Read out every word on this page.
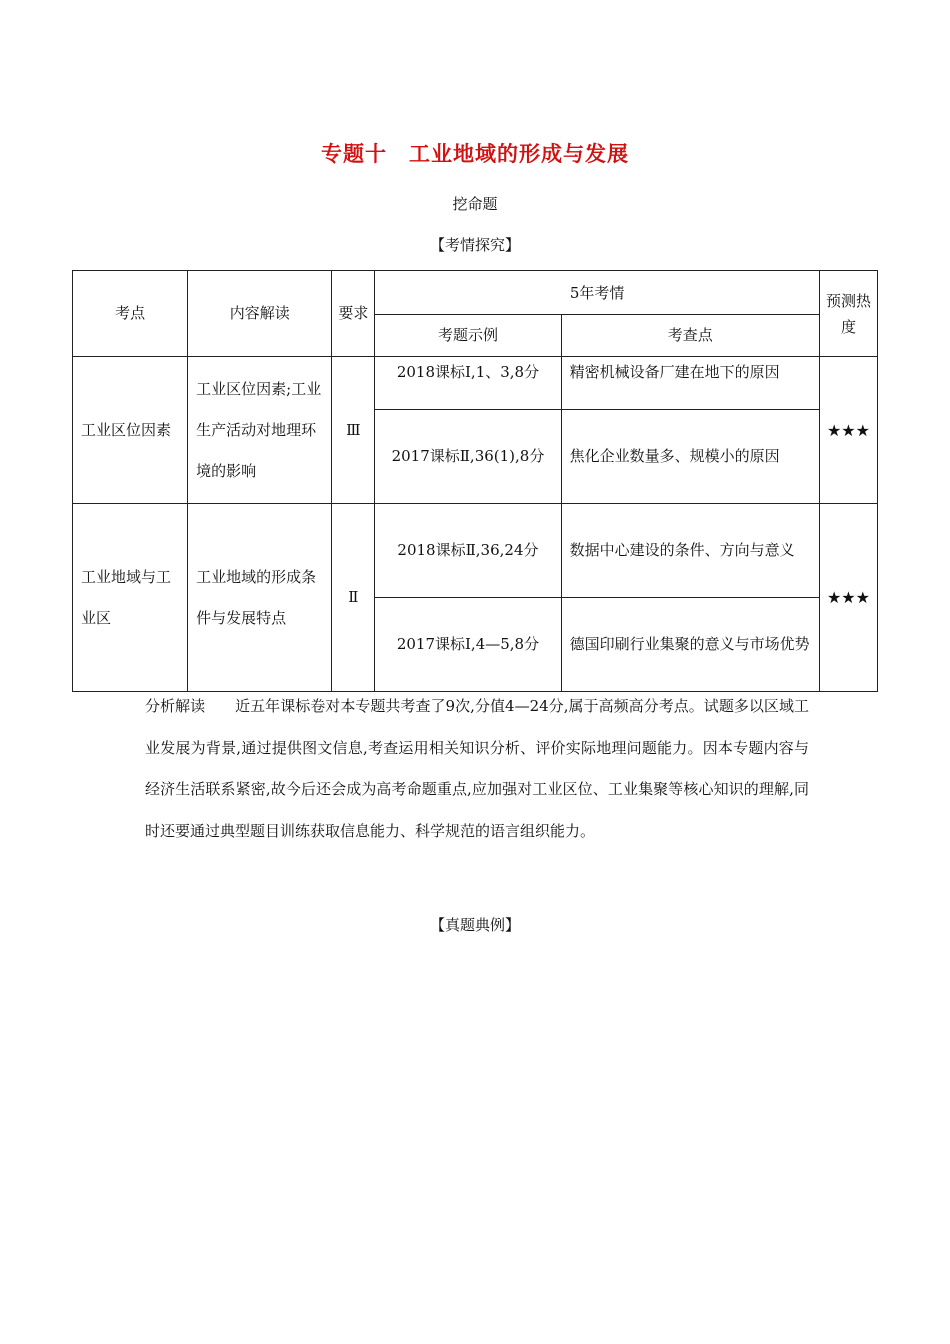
专题十　工业地域的形成与发展
挖命题
【考情探究】
考点	内容解读	要求	5年考情		预测热度
			考题示例	考查点	
工业区位因素	工业区位因素;工业生产活动对地理环境的影响	Ⅲ	2018课标Ⅰ,1、3,8分	精密机械设备厂建在地下的原因	★★★
			2017课标Ⅱ,36(1),8分	焦化企业数量多、规模小的原因	
工业地域与工业区	工业地域的形成条件与发展特点	Ⅱ	2018课标Ⅱ,36,24分	数据中心建设的条件、方向与意义	★★★
			2017课标Ⅰ,4—5,8分	德国印刷行业集聚的意义与市场优势	
分析解读 近五年课标卷对本专题共考查了9次,分值4—24分,属于高频高分考点。试题多以区域工业发展为背景,通过提供图文信息,考查运用相关知识分析、评价实际地理问题能力。因本专题内容与经济生活联系紧密,故今后还会成为高考命题重点,应加强对工业区位、工业集聚等核心知识的理解,同时还要通过典型题目训练获取信息能力、科学规范的语言组织能力。
【真题典例】
